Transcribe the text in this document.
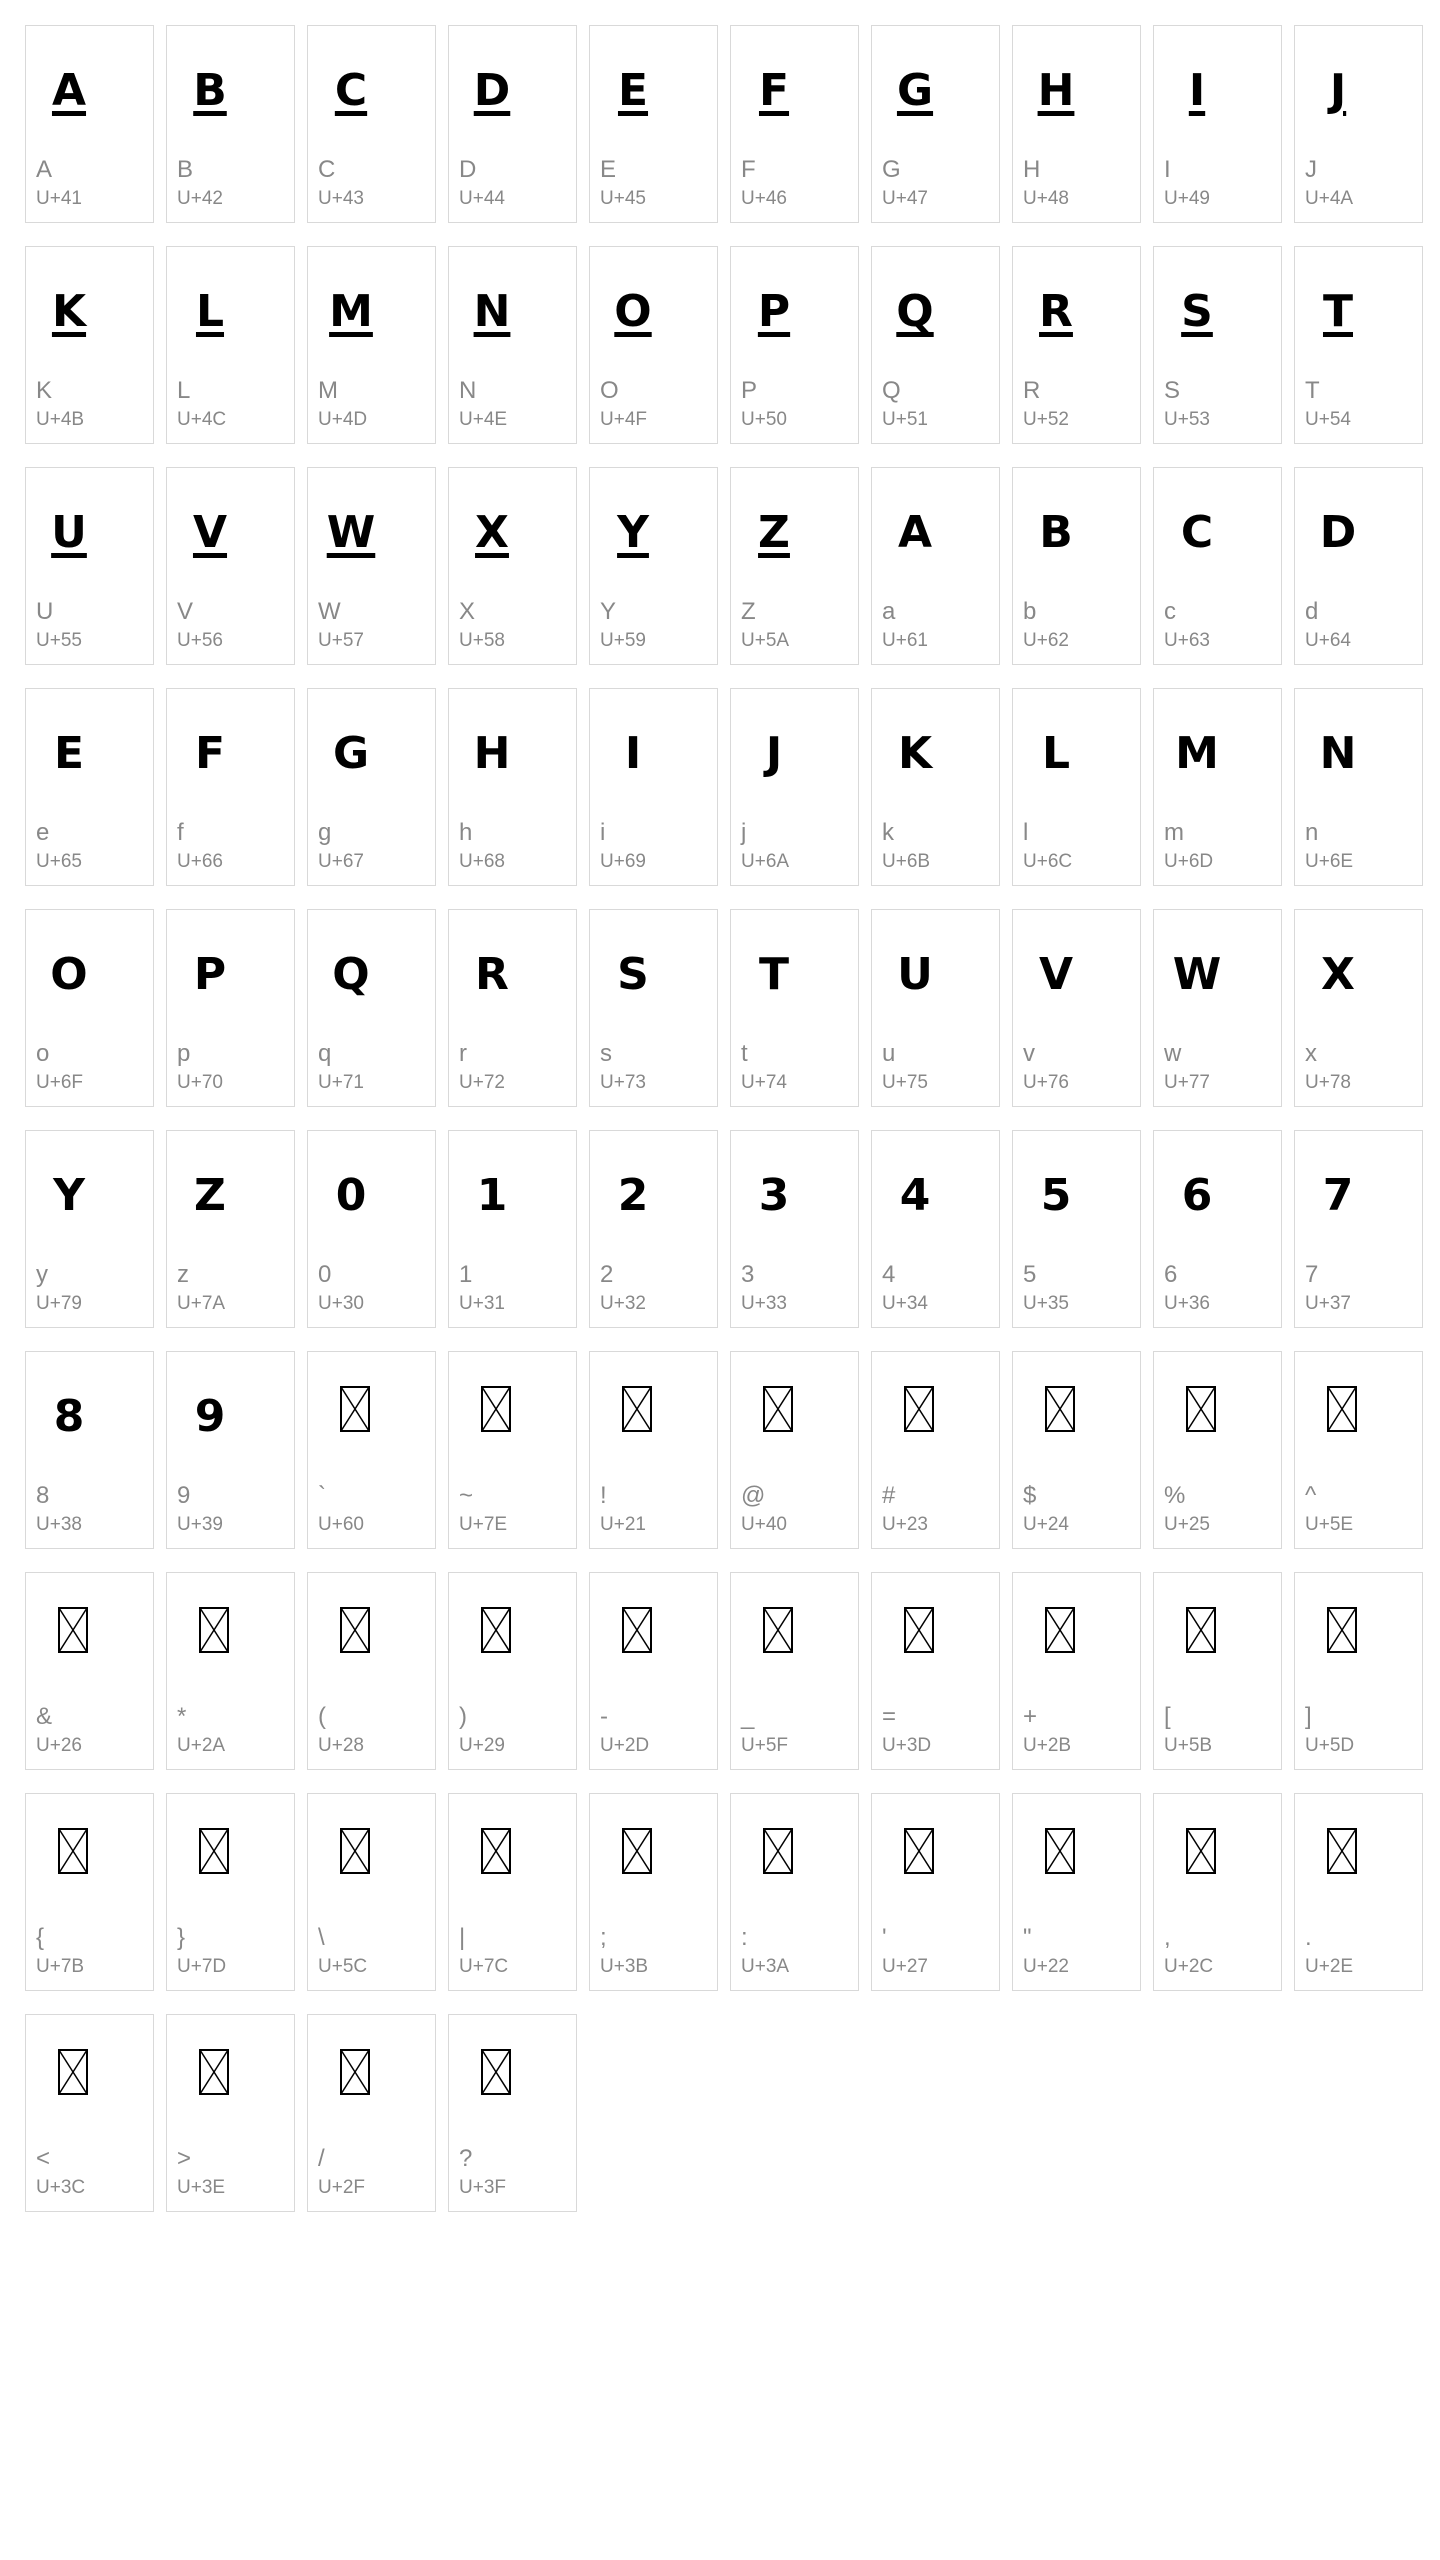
A
A
U+41
B
B
U+42
C
C
U+43
D
D
U+44
E
E
U+45
F
F
U+46
G
G
U+47
H
H
U+48
I
I
U+49
J
J
U+4A
K
K
U+4B
L
L
U+4C
M
M
U+4D
N
N
U+4E
O
O
U+4F
P
P
U+50
Q
Q
U+51
R
R
U+52
S
S
U+53
T
T
U+54
U
U
U+55
V
V
U+56
W
W
U+57
X
X
U+58
Y
Y
U+59
Z
Z
U+5A
A
a
U+61
B
b
U+62
C
c
U+63
D
d
U+64
E
e
U+65
F
f
U+66
G
g
U+67
H
h
U+68
I
i
U+69
J
j
U+6A
K
k
U+6B
L
l
U+6C
M
m
U+6D
N
n
U+6E
O
o
U+6F
P
p
U+70
Q
q
U+71
R
r
U+72
S
s
U+73
T
t
U+74
U
u
U+75
V
v
U+76
W
w
U+77
X
x
U+78
Y
y
U+79
Z
z
U+7A
0
0
U+30
1
1
U+31
2
2
U+32
3
3
U+33
4
4
U+34
5
5
U+35
6
6
U+36
7
7
U+37
8
8
U+38
9
9
U+39
`
U+60
~
U+7E
!
U+21
@
U+40
#
U+23
$
U+24
%
U+25
^
U+5E
&
U+26
*
U+2A
(
U+28
)
U+29
-
U+2D
_
U+5F
=
U+3D
+
U+2B
[
U+5B
]
U+5D
{
U+7B
}
U+7D
\
U+5C
|
U+7C
;
U+3B
:
U+3A
'
U+27
"
U+22
,
U+2C
.
U+2E
<
U+3C
>
U+3E
/
U+2F
?
U+3F
